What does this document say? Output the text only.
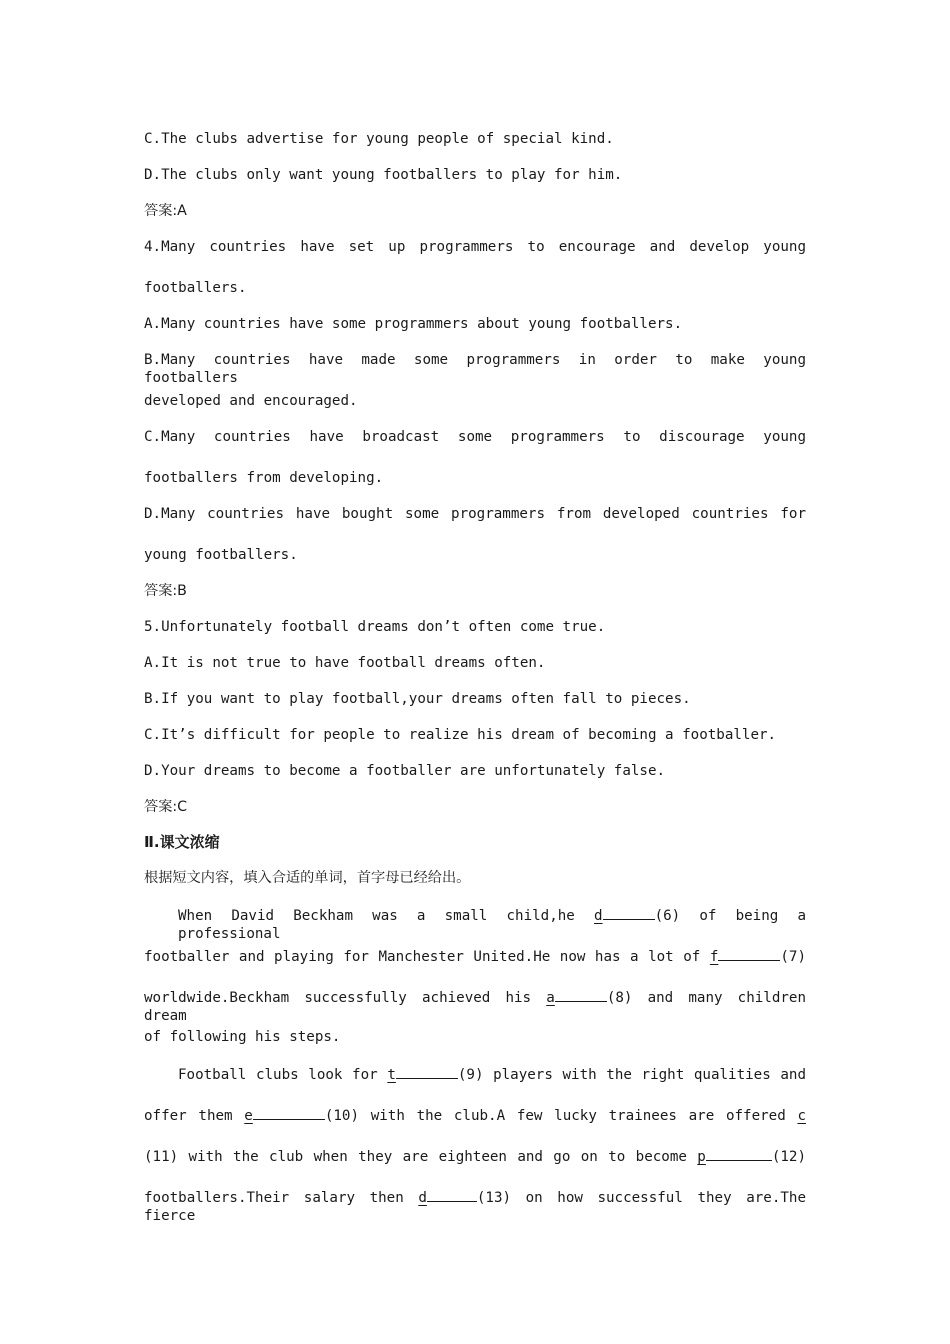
C.The clubs advertise for young people of special kind.
D.The clubs only want young footballers to play for him.
答案:A
4.Many countries have set up programmers to encourage and develop young
footballers.
A.Many countries have some programmers about young footballers.
B.Many countries have made some programmers in order to make young footballers
developed and encouraged.
C.Many countries have broadcast some programmers to discourage young
footballers from developing.
D.Many countries have bought some programmers from developed countries for
young footballers.
答案:B
5.Unfortunately football dreams don’t often come true.
A.It is not true to have football dreams often.
B.If you want to play football,your dreams often fall to pieces.
C.It’s difficult for people to realize his dream of becoming a footballer.
D.Your dreams to become a footballer are unfortunately false.
答案:C
Ⅱ.课文浓缩
根据短文内容，填入合适的单词，首字母已经给出。
When David Beckham was a small child,he d	(6) of being a professional
footballer and playing for Manchester United.He now has a lot of f	(7)
worldwide.Beckham successfully achieved his a	(8) and many children dream
of following his steps.
Football clubs look for t	(9) players with the right qualities and
offer them e	(10) with the club.A few lucky trainees are offered c
(11) with the club when they are eighteen and go on to become p	(12)
footballers.Their salary then d	(13) on how successful they are.The fierce
